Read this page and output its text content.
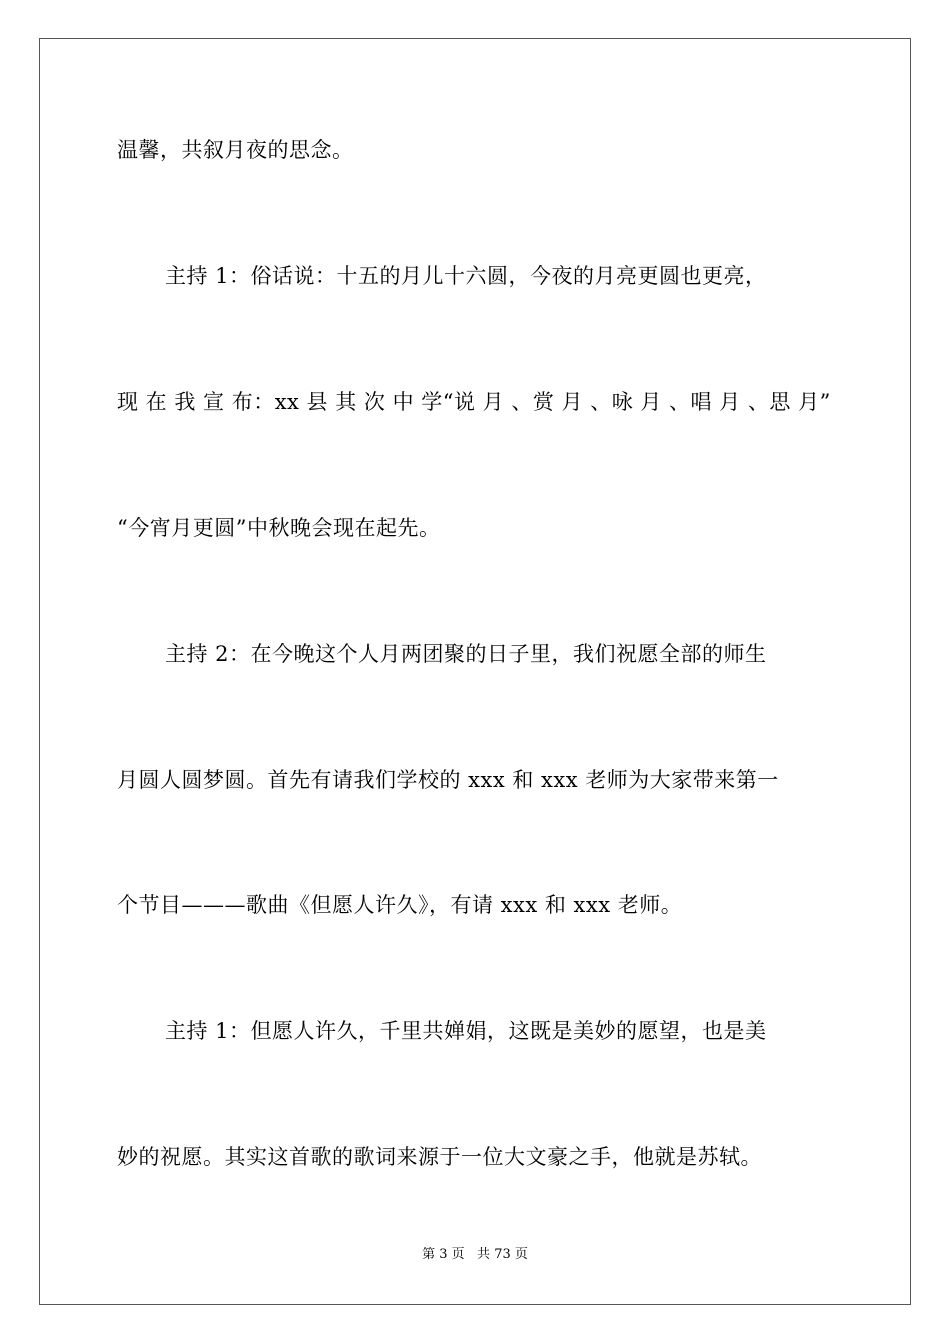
温馨，共叙月夜的思念。
主持 1：俗话说：十五的月儿十六圆，今夜的月亮更圆也更亮，
现 在 我 宣 布：xx 县 其 次 中 学“说 月 、赏 月 、咏 月 、唱 月 、思 月”
“今宵月更圆”中秋晚会现在起先。
主持 2：在今晚这个人月两团聚的日子里，我们祝愿全部的师生
月圆人圆梦圆。首先有请我们学校的 xxx 和 xxx 老师为大家带来第一
个节目———歌曲《但愿人许久》，有请 xxx 和 xxx 老师。
主持 1：但愿人许久，千里共婵娟，这既是美妙的愿望，也是美
妙的祝愿。其实这首歌的歌词来源于一位大文豪之手，他就是苏轼。
第 3 页   共 73 页
